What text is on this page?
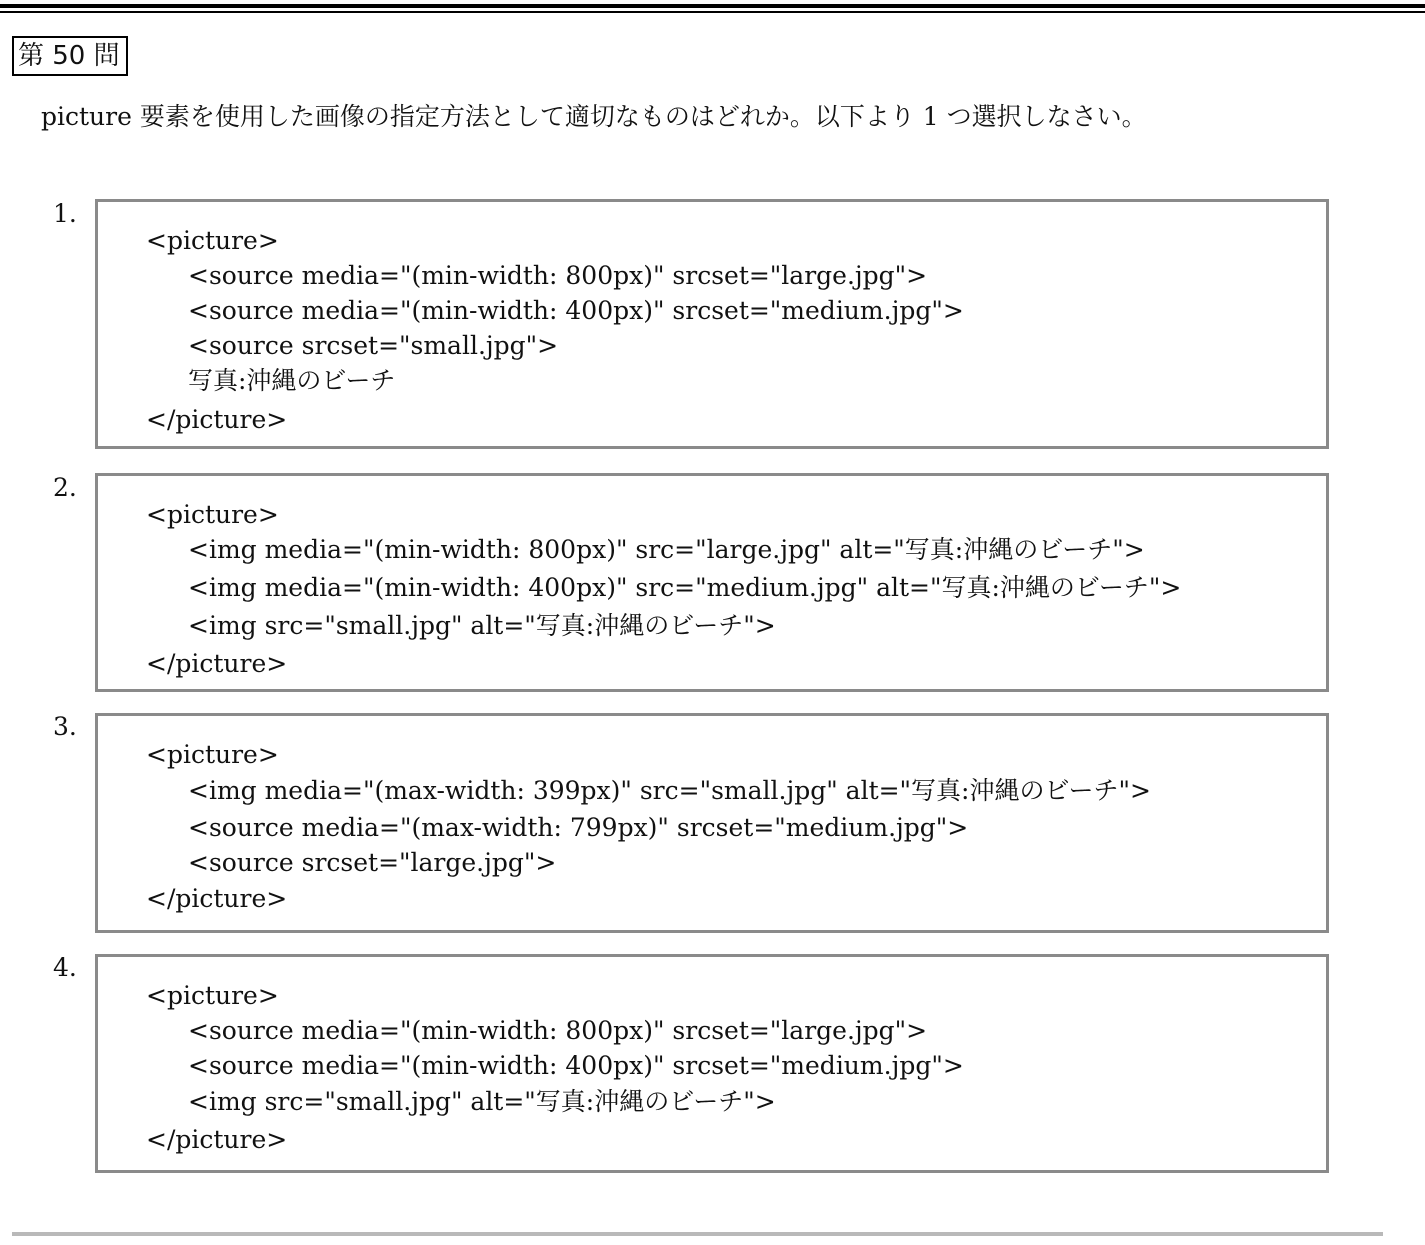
第 50 問
picture 要素を使用した画像の指定方法として適切なものはどれか。以下より 1 つ選択しなさい。
1.
<picture>
<source media="(min-width: 800px)" srcset="large.jpg">
<source media="(min-width: 400px)" srcset="medium.jpg">
<source srcset="small.jpg">
写真:沖縄のビーチ
</picture>
2.
<picture>
<img media="(min-width: 800px)" src="large.jpg" alt="写真:沖縄のビーチ">
<img media="(min-width: 400px)" src="medium.jpg" alt="写真:沖縄のビーチ">
<img src="small.jpg" alt="写真:沖縄のビーチ">
</picture>
3.
<picture>
<img media="(max-width: 399px)" src="small.jpg" alt="写真:沖縄のビーチ">
<source media="(max-width: 799px)" srcset="medium.jpg">
<source srcset="large.jpg">
</picture>
4.
<picture>
<source media="(min-width: 800px)" srcset="large.jpg">
<source media="(min-width: 400px)" srcset="medium.jpg">
<img src="small.jpg" alt="写真:沖縄のビーチ">
</picture>
